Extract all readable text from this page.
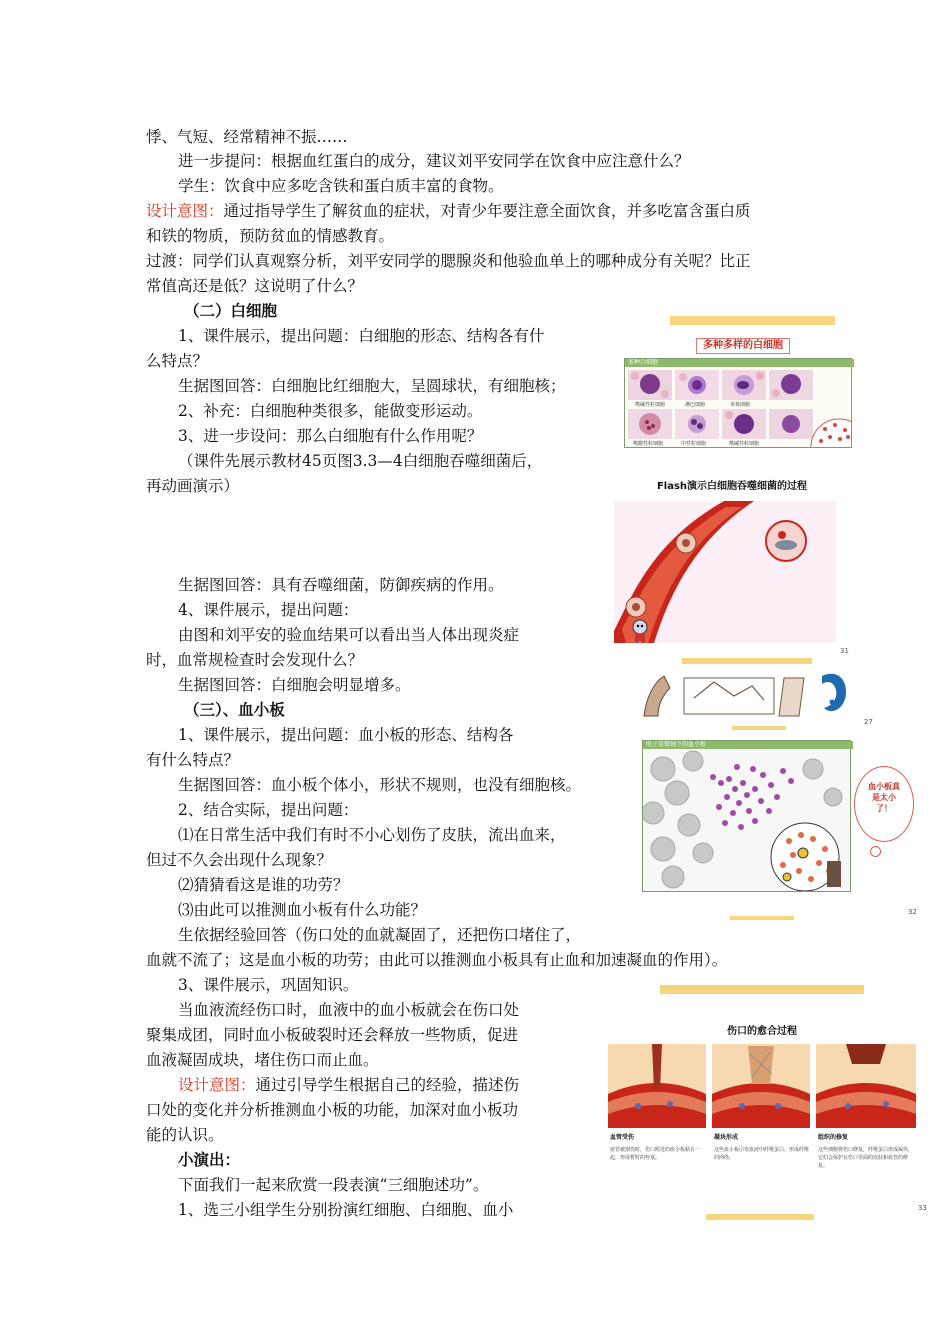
悸、气短、经常精神不振……
进一步提问：根据血红蛋白的成分，建议刘平安同学在饮食中应注意什么？
学生：饮食中应多吃含铁和蛋白质丰富的食物。
设计意图：通过指导学生了解贫血的症状，对青少年要注意全面饮食，并多吃富含蛋白质
和铁的物质，预防贫血的情感教育。
过渡：同学们认真观察分析，刘平安同学的腮腺炎和他验血单上的哪种成分有关呢？比正
常值高还是低？这说明了什么？
（二）白细胞
1、课件展示，提出问题：白细胞的形态、结构各有什
么特点？
生据图回答：白细胞比红细胞大，呈圆球状，有细胞核；
2、补充：白细胞种类很多，能做变形运动。
3、进一步设问：那么白细胞有什么作用呢？
（课件先展示教材45页图3.3—4白细胞吞噬细菌后，
再动画演示）
生据图回答：具有吞噬细菌，防御疾病的作用。
4、课件展示，提出问题：
由图和刘平安的验血结果可以看出当人体出现炎症
时，血常规检查时会发现什么？
生据图回答：白细胞会明显增多。
（三）、血小板
1、课件展示，提出问题：血小板的形态、结构各
有什么特点？
生据图回答：血小板个体小，形状不规则，也没有细胞核。
2、结合实际，提出问题：
⑴在日常生活中我们有时不小心划伤了皮肤，流出血来，
但过不久会出现什么现象？
⑵猜猜看这是谁的功劳？
⑶由此可以推测血小板有什么功能？
生依据经验回答（伤口处的血就凝固了，还把伤口堵住了，
血就不流了；这是血小板的功劳；由此可以推测血小板具有止血和加速凝血的作用）。
3、课件展示，巩固知识。
当血液流经伤口时，血液中的血小板就会在伤口处
聚集成团，同时血小板破裂时还会释放一些物质，促进
血液凝固成块，堵住伤口而止血。
设计意图：通过引导学生根据自己的经验，描述伤
口处的变化并分析推测血小板的功能，加深对血小板功
能的认识。
小演出：
下面我们一起来欣赏一段表演“三细胞述功”。
1、选三小组学生分别扮演红细胞、白细胞、血小
多种多样的白细胞
多种白细胞
嗜碱性粒细胞	淋巴细胞	单核细胞
嗜酸性粒细胞	中性粒细胞	嗜碱性粒细胞
Flash演示白细胞吞噬细菌的过程
31
27
电子显微镜下的血小板
血小板真是太小了！
32
伤口的愈合过程
血管受伤	凝块形成	组织的修复
血管被割伤时，伤口附近的血小板粘在一起，形成暂时的栓塞。
这些血小板引发血液中纤维蛋白，形成纤维的网络。
这些细胞将伤口修复，纤维蛋白形成凝块，它们会保护在伤口里面的皮肤和血管的修复。
33
